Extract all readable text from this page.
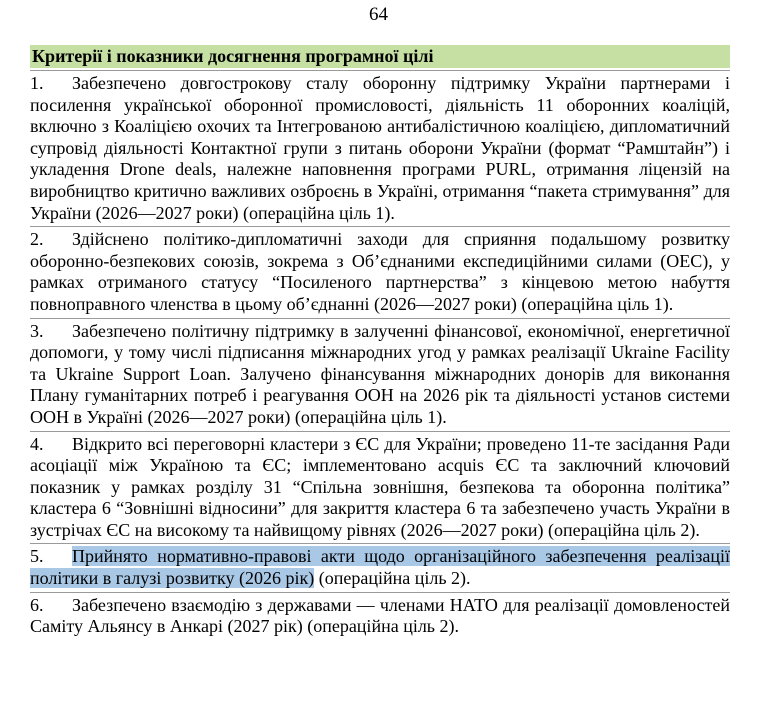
64
Критерії і показники досягнення програмної цілі
1. Забезпечено довгострокову сталу оборонну підтримку України партнерами і посилення української оборонної промисловості, діяльність 11 оборонних коаліцій, включно з Коаліцією охочих та Інтегрованою антибалістичною коаліцією, дипломатичний супровід діяльності Контактної групи з питань оборони України (формат “Рамштайн”) і укладення Drone deals, належне наповнення програми PURL, отримання ліцензій на виробництво критично важливих озброєнь в Україні, отримання “пакета стримування” для України (2026—2027 роки) (операційна ціль 1).
2. Здійснено політико-дипломатичні заходи для сприяння подальшому розвитку оборонно-безпекових союзів, зокрема з Об’єднаними експедиційними силами (ОЕС), у рамках отриманого статусу “Посиленого партнерства” з кінцевою метою набуття повноправного членства в цьому об’єднанні (2026—2027 роки) (операційна ціль 1).
3. Забезпечено політичну підтримку в залученні фінансової, економічної, енергетичної допомоги, у тому числі підписання міжнародних угод у рамках реалізації Ukraine Facility та Ukraine Support Loan. Залучено фінансування міжнародних донорів для виконання Плану гуманітарних потреб і реагування ООН на 2026 рік та діяльності установ системи ООН в Україні (2026—2027 роки) (операційна ціль 1).
4. Відкрито всі переговорні кластери з ЄС для України; проведено 11-те засідання Ради асоціації між Україною та ЄС; імплементовано acquis ЄС та заключний ключовий показник у рамках розділу 31 “Спільна зовнішня, безпекова та оборонна політика” кластера 6 “Зовнішні відносини” для закриття кластера 6 та забезпечено участь України в зустрічах ЄС на високому та найвищому рівнях (2026—2027 роки) (операційна ціль 2).
5. Прийнято нормативно-правові акти щодо організаційного забезпечення реалізації політики в галузі розвитку (2026 рік) (операційна ціль 2).
6. Забезпечено взаємодію з державами — членами НАТО для реалізації домовленостей Саміту Альянсу в Анкарі (2027 рік) (операційна ціль 2).
